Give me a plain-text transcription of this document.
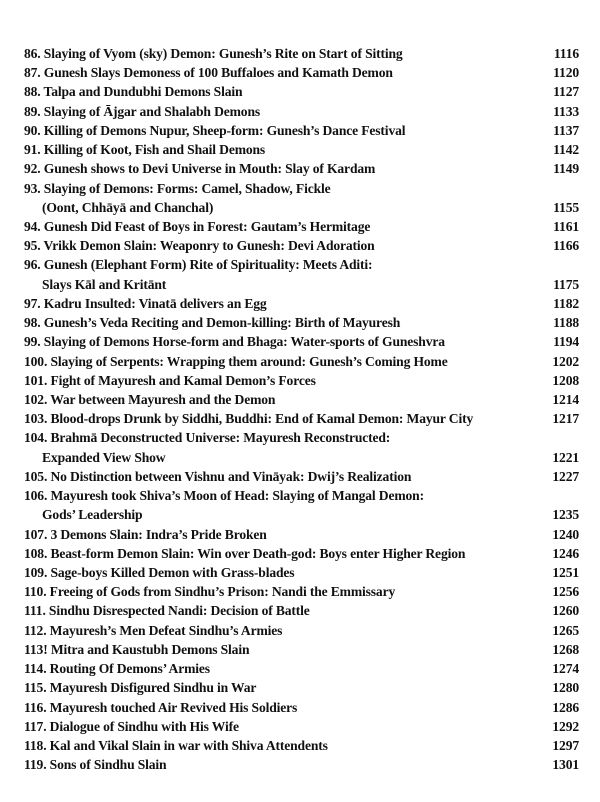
86. Slaying of Vyom (sky) Demon: Gunesh’s Rite on Start of Sitting	1116
87. Gunesh Slays Demoness of 100 Buffaloes and Kamath Demon	1120
88. Talpa and Dundubhi Demons Slain	1127
89. Slaying of Ājgar and Shalabh Demons	1133
90. Killing of Demons Nupur, Sheep-form: Gunesh’s Dance Festival	1137
91. Killing of Koot, Fish and Shail Demons	1142
92. Gunesh shows to Devi Universe in Mouth: Slay of Kardam	1149
93. Slaying of Demons: Forms: Camel, Shadow, Fickle
(Oont, Chhāyā and Chanchal)	1155
94. Gunesh Did Feast of Boys in Forest: Gautam’s Hermitage	1161
95. Vrikk Demon Slain: Weaponry to Gunesh: Devi Adoration	1166
96. Gunesh (Elephant Form) Rite of Spirituality: Meets Aditi:
Slays Kāl and Kritānt	1175
97. Kadru Insulted: Vinatā delivers an Egg	1182
98. Gunesh’s Veda Reciting and Demon-killing: Birth of Mayuresh	1188
99. Slaying of Demons Horse-form and Bhaga: Water-sports of Guneshvra	1194
100. Slaying of Serpents: Wrapping them around: Gunesh’s Coming Home	1202
101. Fight of Mayuresh and Kamal Demon’s Forces	1208
102. War between Mayuresh and the Demon	1214
103. Blood-drops Drunk by Siddhi, Buddhi: End of Kamal Demon: Mayur City	1217
104. Brahmā Deconstructed Universe: Mayuresh Reconstructed:
Expanded View Show	1221
105. No Distinction between Vishnu and Vināyak: Dwij’s Realization	1227
106. Mayuresh took Shiva’s Moon of Head: Slaying of Mangal Demon:
Gods’ Leadership	1235
107. 3 Demons Slain: Indra’s Pride Broken	1240
108. Beast-form Demon Slain: Win over Death-god: Boys enter Higher Region	1246
109. Sage-boys Killed Demon with Grass-blades	1251
110. Freeing of Gods from Sindhu’s Prison: Nandi the Emmissary	1256
111. Sindhu Disrespected Nandi: Decision of Battle	1260
112. Mayuresh’s Men Defeat Sindhu’s Armies	1265
113! Mitra and Kaustubh Demons Slain	1268
114. Routing Of Demons’ Armies	1274
115. Mayuresh Disfigured Sindhu in War	1280
116. Mayuresh touched Air Revived His Soldiers	1286
117. Dialogue of Sindhu with His Wife	1292
118. Kal and Vikal Slain in war with Shiva Attendents	1297
119. Sons of Sindhu Slain	1301
